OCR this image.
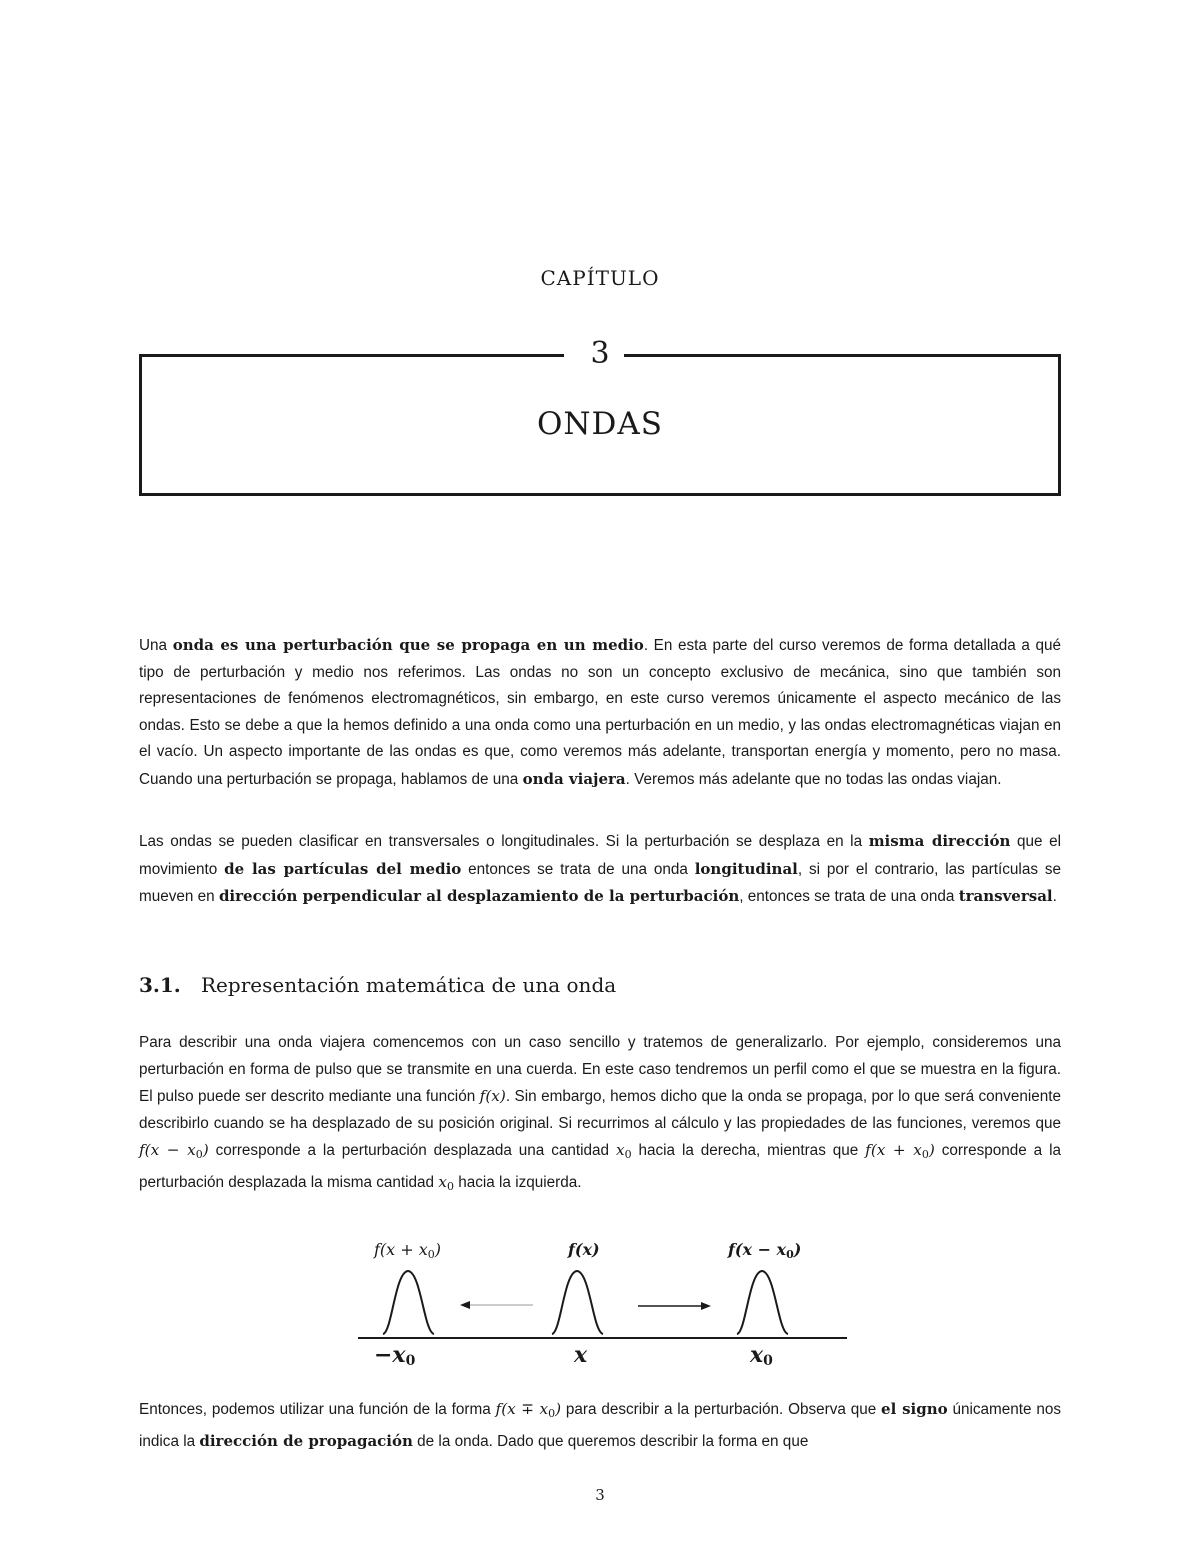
CAPÍTULO
3
ONDAS

Una onda es una perturbación que se propaga en un medio. En esta parte del curso veremos de forma detallada a qué tipo de perturbación y medio nos referimos. Las ondas no son un concepto exclusivo de mecánica, sino que también son representaciones de fenómenos electromagnéticos, sin embargo, en este curso veremos únicamente el aspecto mecánico de las ondas. Esto se debe a que la hemos definido a una onda como una perturbación en un medio, y las ondas electromagnéticas viajan en el vacío. Un aspecto importante de las ondas es que, como veremos más adelante, transportan energía y momento, pero no masa. Cuando una perturbación se propaga, hablamos de una onda viajera. Veremos más adelante que no todas las ondas viajan.

Las ondas se pueden clasificar en transversales o longitudinales. Si la perturbación se desplaza en la misma dirección que el movimiento de las partículas del medio entonces se trata de una onda longitudinal, si por el contrario, las partículas se mueven en dirección perpendicular al desplazamiento de la perturbación, entonces se trata de una onda transversal.

3.1. Representación matemática de una onda

Para describir una onda viajera comencemos con un caso sencillo y tratemos de generalizarlo. Por ejemplo, consideremos una perturbación en forma de pulso que se transmite en una cuerda. En este caso tendremos un perfil como el que se muestra en la figura. El pulso puede ser descrito mediante una función f(x). Sin embargo, hemos dicho que la onda se propaga, por lo que será conveniente describirlo cuando se ha desplazado de su posición original. Si recurrimos al cálculo y las propiedades de las funciones, veremos que $f(x - x_0)$ corresponde a la perturbación desplazada una cantidad $x_0$ hacia la derecha, mientras que $f(x + x_0)$ corresponde a la perturbación desplazada la misma cantidad $x_0$ hacia la izquierda.

$f(x + x_0)$	f(x)	$f(x - x_0)$
$-x_0$	x	$x_0$

Entonces, podemos utilizar una función de la forma $f(x \mp x_0)$ para describir a la perturbación. Observa que el signo únicamente nos indica la dirección de propagación de la onda. Dado que queremos describir la forma en que

3
